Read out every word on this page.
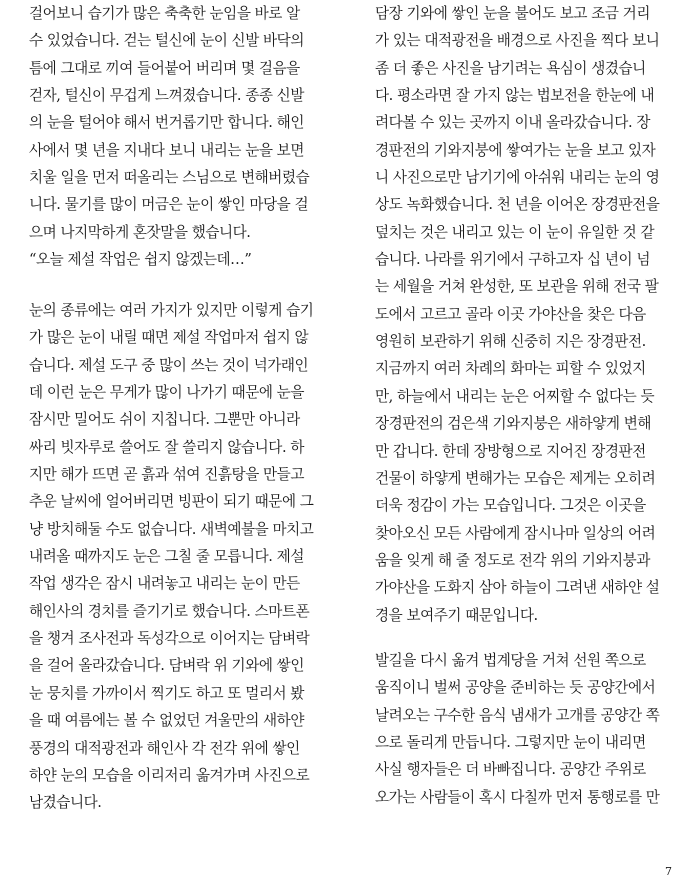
걸어보니 습기가 많은 축축한 눈임을 바로 알
수 있었습니다. 걷는 털신에 눈이 신발 바닥의
틈에 그대로 끼여 들어붙어 버리며 몇 걸음을
걷자, 털신이 무겁게 느껴졌습니다. 종종 신발
의 눈을 털어야 해서 번거롭기만 합니다. 해인
사에서 몇 년을 지내다 보니 내리는 눈을 보면
치울 일을 먼저 떠올리는 스님으로 변해버렸습
니다. 물기를 많이 머금은 눈이 쌓인 마당을 걸
으며 나지막하게 혼잣말을 했습니다.
“오늘 제설 작업은 쉽지 않겠는데…”
눈의 종류에는 여러 가지가 있지만 이렇게 습기
가 많은 눈이 내릴 때면 제설 작업마저 쉽지 않
습니다. 제설 도구 중 많이 쓰는 것이 넉가래인
데 이런 눈은 무게가 많이 나가기 때문에 눈을
잠시만 밀어도 쉬이 지칩니다. 그뿐만 아니라
싸리 빗자루로 쓸어도 잘 쓸리지 않습니다. 하
지만 해가 뜨면 곧 흙과 섞여 진흙탕을 만들고
추운 날씨에 얼어버리면 빙판이 되기 때문에 그
냥 방치해둘 수도 없습니다. 새벽예불을 마치고
내려올 때까지도 눈은 그칠 줄 모릅니다. 제설
작업 생각은 잠시 내려놓고 내리는 눈이 만든
해인사의 경치를 즐기기로 했습니다. 스마트폰
을 챙겨 조사전과 독성각으로 이어지는 담벼락
을 걸어 올라갔습니다. 담벼락 위 기와에 쌓인
눈 뭉치를 가까이서 찍기도 하고 또 멀리서 봤
을 때 여름에는 볼 수 없었던 겨울만의 새하얀
풍경의 대적광전과 해인사 각 전각 위에 쌓인
하얀 눈의 모습을 이리저리 옮겨가며 사진으로
남겼습니다.
담장 기와에 쌓인 눈을 불어도 보고 조금 거리
가 있는 대적광전을 배경으로 사진을 찍다 보니
좀 더 좋은 사진을 남기려는 욕심이 생겼습니
다. 평소라면 잘 가지 않는 법보전을 한눈에 내
려다볼 수 있는 곳까지 이내 올라갔습니다. 장
경판전의 기와지붕에 쌓여가는 눈을 보고 있자
니 사진으로만 남기기에 아쉬워 내리는 눈의 영
상도 녹화했습니다. 천 년을 이어온 장경판전을
덮치는 것은 내리고 있는 이 눈이 유일한 것 같
습니다. 나라를 위기에서 구하고자 십 년이 넘
는 세월을 거쳐 완성한, 또 보관을 위해 전국 팔
도에서 고르고 골라 이곳 가야산을 찾은 다음
영원히 보관하기 위해 신중히 지은 장경판전.
지금까지 여러 차례의 화마는 피할 수 있었지
만, 하늘에서 내리는 눈은 어찌할 수 없다는 듯
장경판전의 검은색 기와지붕은 새하얗게 변해
만 갑니다. 한데 장방형으로 지어진 장경판전
건물이 하얗게 변해가는 모습은 제게는 오히려
더욱 정감이 가는 모습입니다. 그것은 이곳을
찾아오신 모든 사람에게 잠시나마 일상의 어려
움을 잊게 해 줄 정도로 전각 위의 기와지붕과
가야산을 도화지 삼아 하늘이 그려낸 새하얀 설
경을 보여주기 때문입니다.
발길을 다시 옮겨 법계당을 거쳐 선원 쪽으로
움직이니 벌써 공양을 준비하는 듯 공양간에서
날려오는 구수한 음식 냄새가 고개를 공양간 쪽
으로 돌리게 만듭니다. 그렇지만 눈이 내리면
사실 행자들은 더 바빠집니다. 공양간 주위로
오가는 사람들이 혹시 다칠까 먼저 통행로를 만
7
